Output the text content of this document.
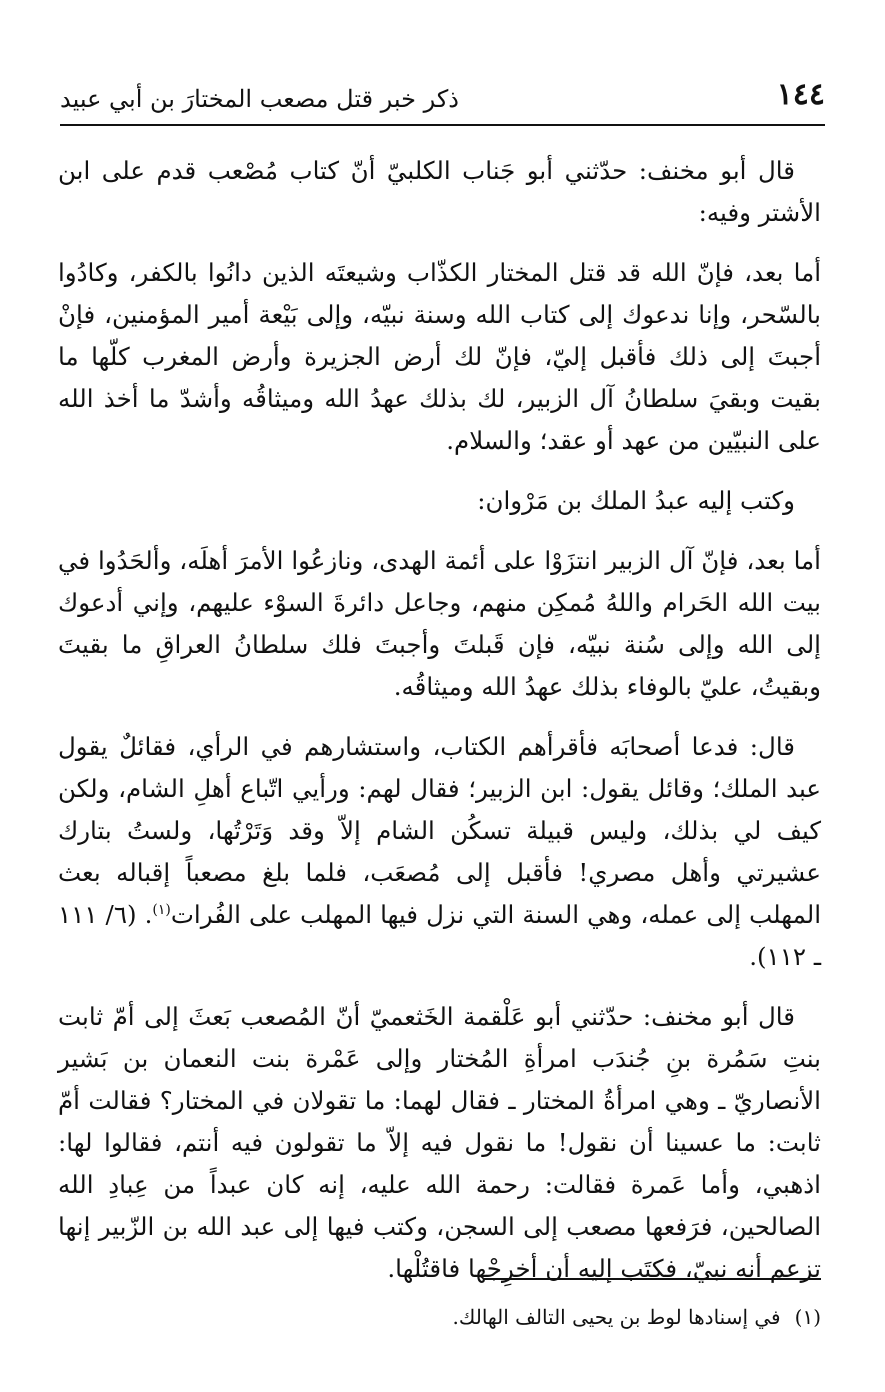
١٤٤
ذكر خبر قتل مصعب المختارَ بن أبي عبيد

قال أبو مخنف: حدّثني أبو جَناب الكلبيّ أنّ كتاب مُصْعب قدم على ابن الأشتر وفيه:

أما بعد، فإنّ الله قد قتل المختار الكذّاب وشيعتَه الذين دانُوا بالكفر، وكادُوا بالسّحر، وإنا ندعوك إلى كتاب الله وسنة نبيّه، وإلى بَيْعة أمير المؤمنين، فإنْ أجبتَ إلى ذلك فأقبل إليّ، فإنّ لك أرض الجزيرة وأرض المغرب كلّها ما بقيت وبقيَ سلطانُ آل الزبير، لك بذلك عهدُ الله وميثاقُه وأشدّ ما أخذ الله على النبيّين من عهد أو عقد؛ والسلام.

وكتب إليه عبدُ الملك بن مَرْوان:

أما بعد، فإنّ آل الزبير انتزَوْا على أئمة الهدى، ونازعُوا الأمرَ أهلَه، وألحَدُوا في بيت الله الحَرام واللهُ مُمكِن منهم، وجاعل دائرةَ السوْء عليهم، وإني أدعوك إلى الله وإلى سُنة نبيّه، فإن قَبلتَ وأجبتَ فلك سلطانُ العراقِ ما بقيتَ وبقيتُ، عليّ بالوفاء بذلك عهدُ الله وميثاقُه.

قال: فدعا أصحابَه فأقرأهم الكتاب، واستشارهم في الرأي، فقائلٌ يقول عبد الملك؛ وقائل يقول: ابن الزبير؛ فقال لهم: ورأيي اتّباع أهلِ الشام، ولكن كيف لي بذلك، وليس قبيلة تسكُن الشام إلاّ وقد وَتَرْتُها، ولستُ بتارك عشيرتي وأهل مصري! فأقبل إلى مُصعَب، فلما بلغ مصعباً إقباله بعث المهلب إلى عمله، وهي السنة التي نزل فيها المهلب على الفُرات$^{(١)}$. (٦/ ١١١ ـ ١١٢).

قال أبو مخنف: حدّثني أبو عَلْقمة الخَثعميّ أنّ المُصعب بَعثَ إلى أمّ ثابت بنتِ سَمُرة بنِ جُندَب امرأةِ المُختار وإلى عَمْرة بنت النعمان بن بَشير الأنصاريّ ـ وهي امرأةُ المختار ـ فقال لهما: ما تقولان في المختار؟ فقالت أمّ ثابت: ما عسينا أن نقول! ما نقول فيه إلاّ ما تقولون فيه أنتم، فقالوا لها: اذهبي، وأما عَمرة فقالت: رحمة الله عليه، إنه كان عبداً من عِبادِ الله الصالحين، فرَفعها مصعب إلى السجن، وكتب فيها إلى عبد الله بن الزّبير إنها تزعم أنه نبيّ، فكتَب إليه أن أخرِجْها فاقتُلْها.

(١)في إسنادها لوط بن يحيى التالف الهالك.
